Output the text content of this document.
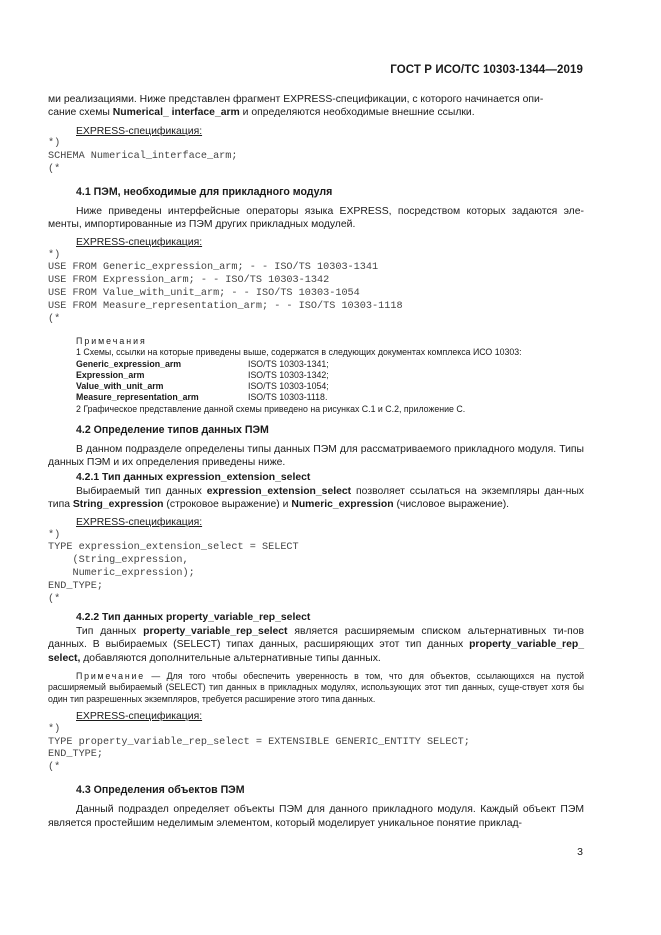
ГОСТ Р ИСО/ТС 10303-1344—2019

ми реализациями. Ниже представлен фрагмент EXPRESS-спецификации, с которого начинается опи-
сание схемы Numerical_ interface_arm и определяются необходимые внешние ссылки.

EXPRESS-спецификация:
*)
SCHEMA Numerical_interface_arm;
(*
4.1 ПЭМ, необходимые для прикладного модуля

Ниже приведены интерфейсные операторы языка EXPRESS, посредством которых задаются эле-менты, импортированные из ПЭМ других прикладных модулей.

EXPRESS-спецификация:
*)
USE FROM Generic_expression_arm; - - ISO/TS 10303-1341
USE FROM Expression_arm; - - ISO/TS 10303-1342
USE FROM Value_with_unit_arm; - - ISO/TS 10303-1054
USE FROM Measure_representation_arm; - - ISO/TS 10303-1118
(*
Примечания
1 Схемы, ссылки на которые приведены выше, содержатся в следующих документах комплекса ИСО 10303:
Generic_expression_arm	ISO/TS 10303-1341;
Expression_arm	ISO/TS 10303-1342;
Value_with_unit_arm	ISO/TS 10303-1054;
Measure_representation_arm	ISO/TS 10303-1118.
2 Графическое представление данной схемы приведено на рисунках С.1 и С.2, приложение С.
4.2 Определение типов данных ПЭМ

В данном подразделе определены типы данных ПЭМ для рассматриваемого прикладного модуля. Типы данных ПЭМ и их определения приведены ниже.

4.2.1 Тип данных expression_extension_select

Выбираемый тип данных expression_extension_select позволяет ссылаться на экземпляры дан-ных типа String_expression (строковое выражение) и Numeric_expression (числовое выражение).

EXPRESS-спецификация:
*)
TYPE expression_extension_select = SELECT
(String_expression,
Numeric_expression);
END_TYPE;
(*
4.2.2 Тип данных property_variable_rep_select

Тип данных property_variable_rep_select является расширяемым списком альтернативных ти-пов данных. В выбираемых (SELECT) типах данных, расширяющих этот тип данных property_variable_rep_ select, добавляются дополнительные альтернативные типы данных.

Примечание — Для того чтобы обеспечить уверенность в том, что для объектов, ссылающихся на пустой расширяемый выбираемый (SELECT) тип данных в прикладных модулях, использующих этот тип данных, суще-ствует хотя бы один тип разрешенных экземпляров, требуется расширение этого типа данных.

EXPRESS-спецификация:
*)
TYPE property_variable_rep_select = EXTENSIBLE GENERIC_ENTITY SELECT;
END_TYPE;
(*
4.3 Определения объектов ПЭМ

Данный подраздел определяет объекты ПЭМ для данного прикладного модуля. Каждый объект ПЭМ является простейшим неделимым элементом, который моделирует уникальное понятие приклад-

3
